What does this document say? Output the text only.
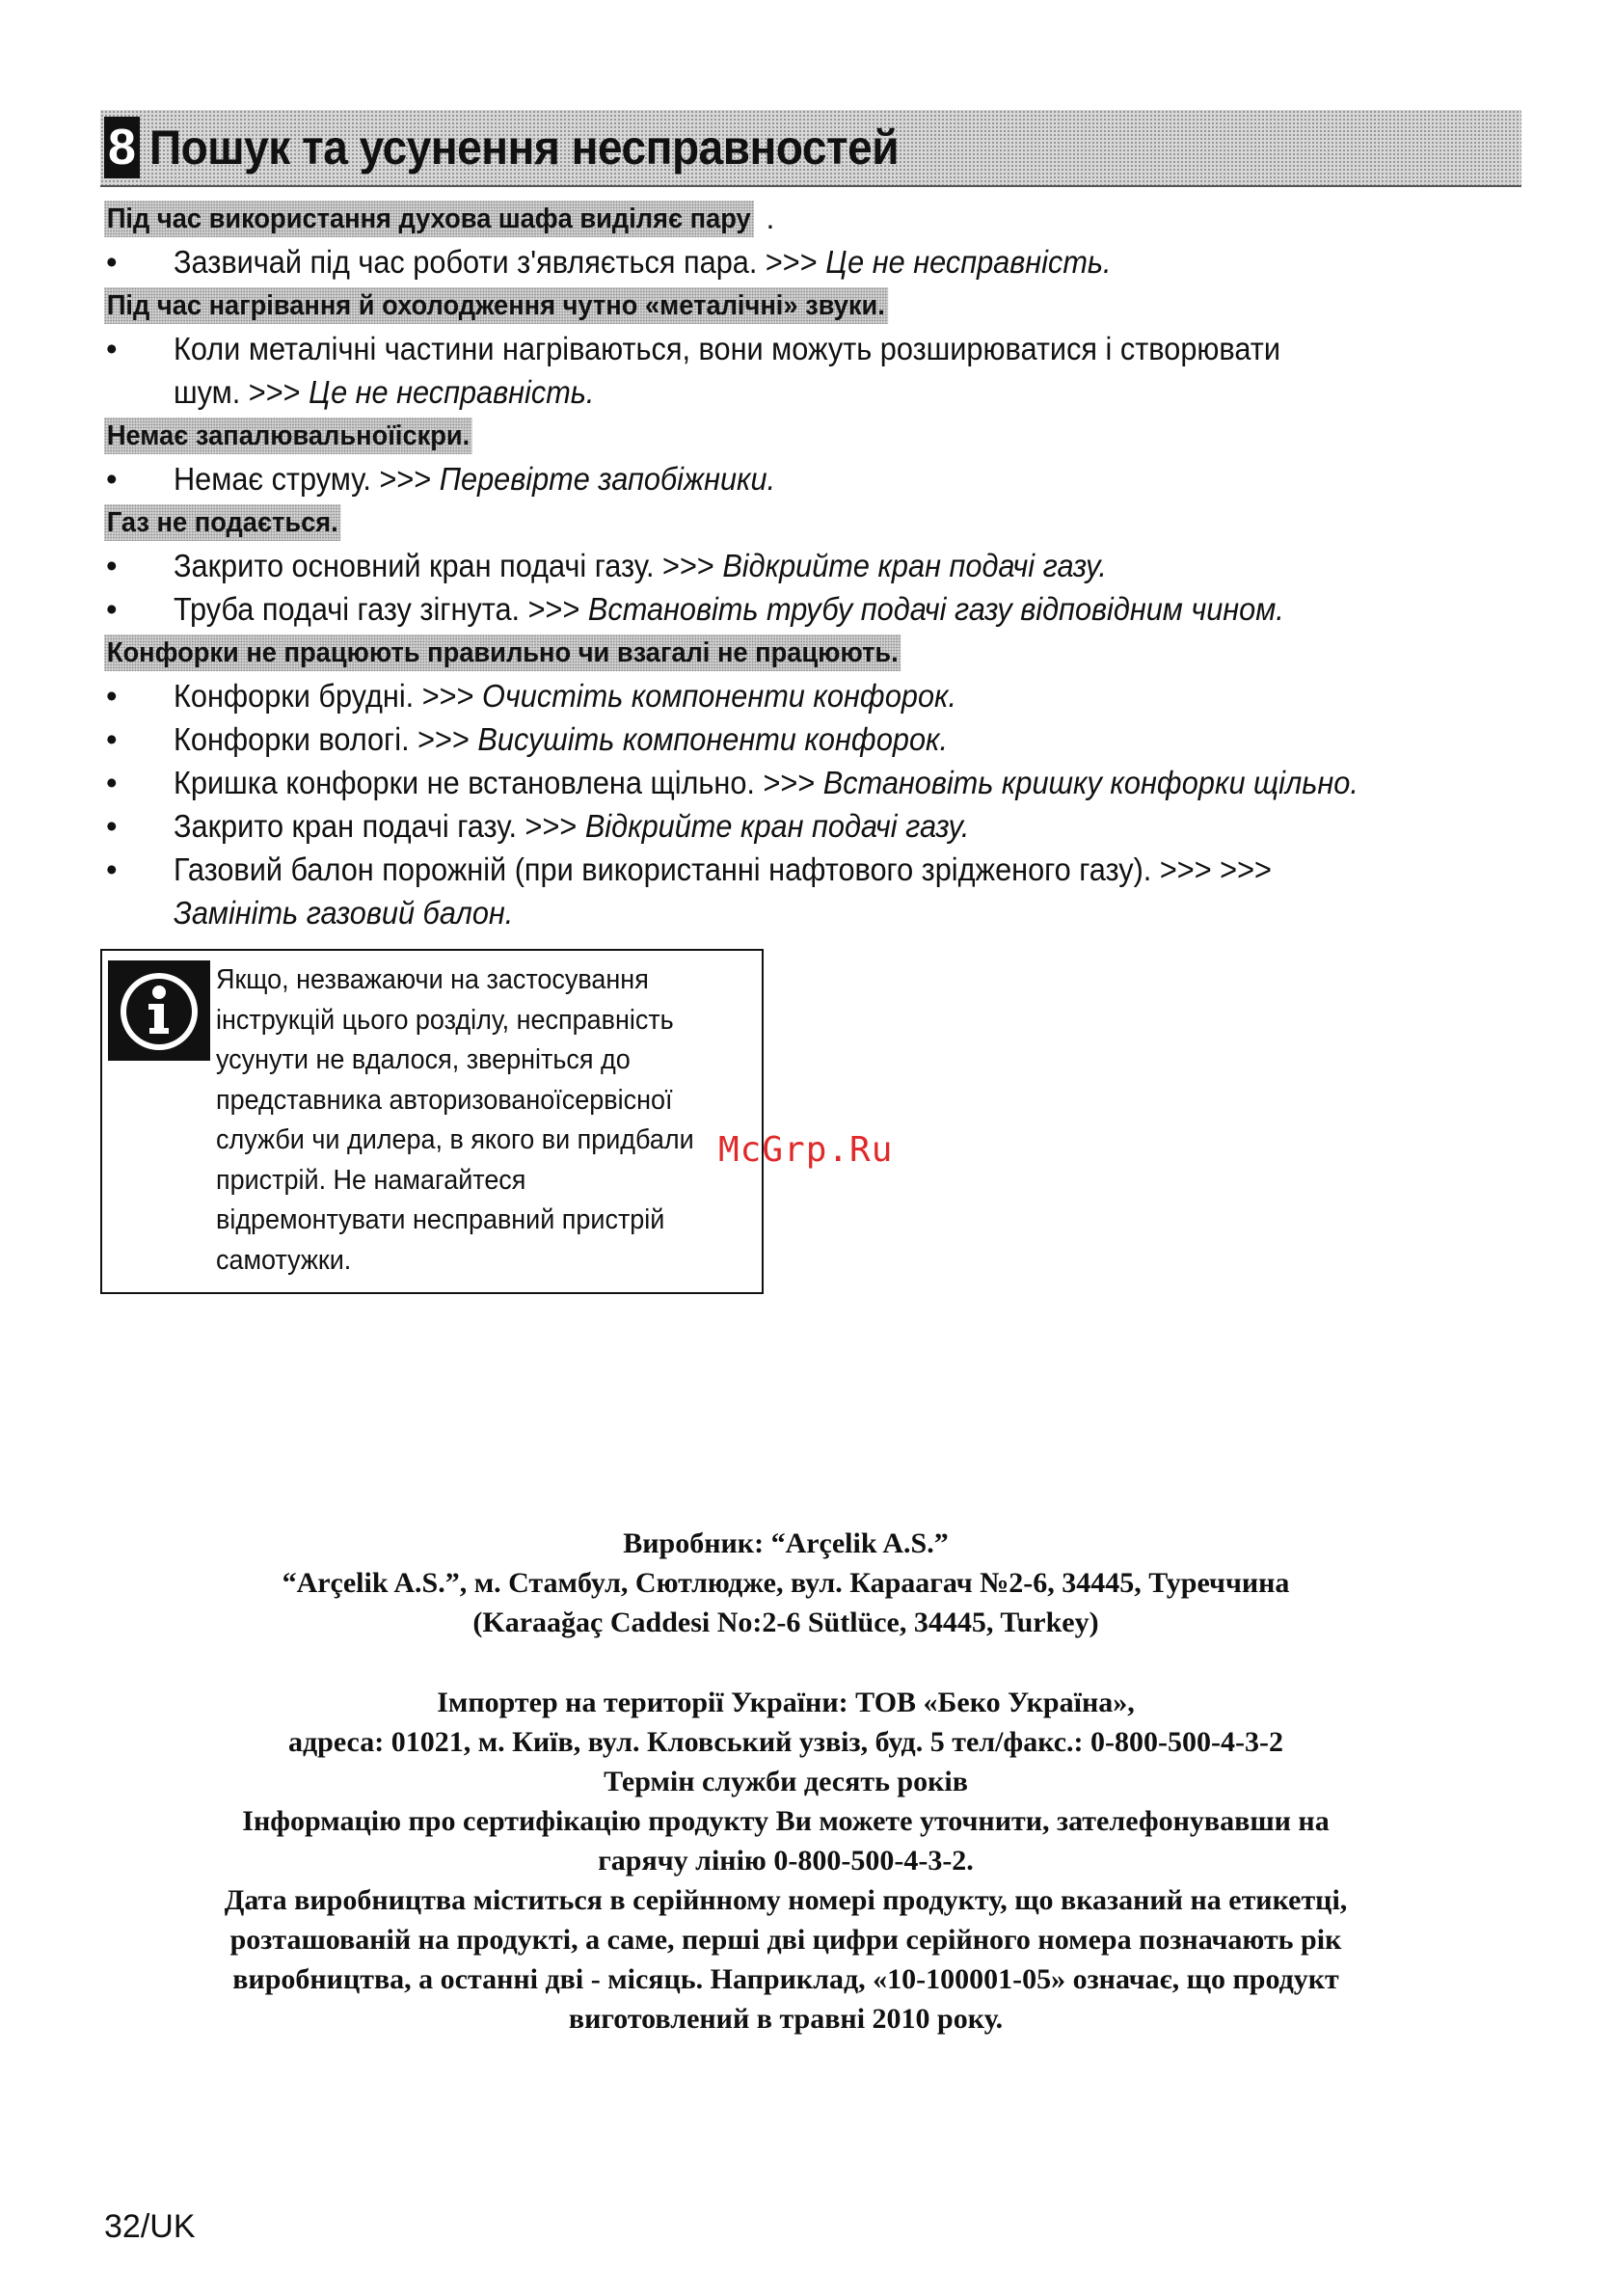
8 Пошук та усунення несправностей
Під час використання духова шафа виділяє пару .
• Зазвичай під час роботи з'являється пара. >>> Це не несправність.
Під час нагрівання й охолодження чутно «металічні» звуки.
• Коли металічні частини нагріваються, вони можуть розширюватися і створювати
шум. >>> Це не несправність.
Немає запалювальноїіскри.
• Немає струму. >>> Перевірте запобіжники.
Газ не подається.
• Закрито основний кран подачі газу. >>> Відкрийте кран подачі газу.
• Труба подачі газу зігнута. >>> Встановіть трубу подачі газу відповідним чином.
Конфорки не працюють правильно чи взагалі не працюють.
• Конфорки брудні. >>> Очистіть компоненти конфорок.
• Конфорки вологі. >>> Висушіть компоненти конфорок.
• Кришка конфорки не встановлена щільно. >>> Встановіть кришку конфорки щільно.
• Закрито кран подачі газу. >>> Відкрийте кран подачі газу.
• Газовий балон порожній (при використанні нафтового зрідженого газу). >>> >>>
Замініть газовий балон.
Якщо, незважаючи на застосування
інструкцій цього розділу, несправність
усунути не вдалося, зверніться до
представника авторизованоїсервісної
служби чи дилера, в якого ви придбали
пристрій. Не намагайтеся
відремонтувати несправний пристрій
самотужки.
McGrp.Ru
Виробник: “Arçelik A.S.”
“Arçelik A.S.”, м. Стамбул, Сютлюдже, вул. Караагач №2-6, 34445, Туреччина
(Karaağaç Caddesi No:2-6 Sütlüce, 34445, Turkey)
Імпортер на території України: ТОВ «Беко Україна»,
адреса: 01021, м. Київ, вул. Кловський узвіз, буд. 5 тел/факс.: 0-800-500-4-3-2
Термін служби десять років
Інформацію про сертифікацію продукту Ви можете уточнити, зателефонувавши на
гарячу лінію 0-800-500-4-3-2.
Дата виробництва міститься в серійнному номері продукту, що вказаний на етикетці,
розташованій на продукті, а саме, перші дві цифри серійного номера позначають рік
виробництва, а останні дві - місяць. Наприклад, «10-100001-05» означає, що продукт
виготовлений в травні 2010 року.
32/UK
